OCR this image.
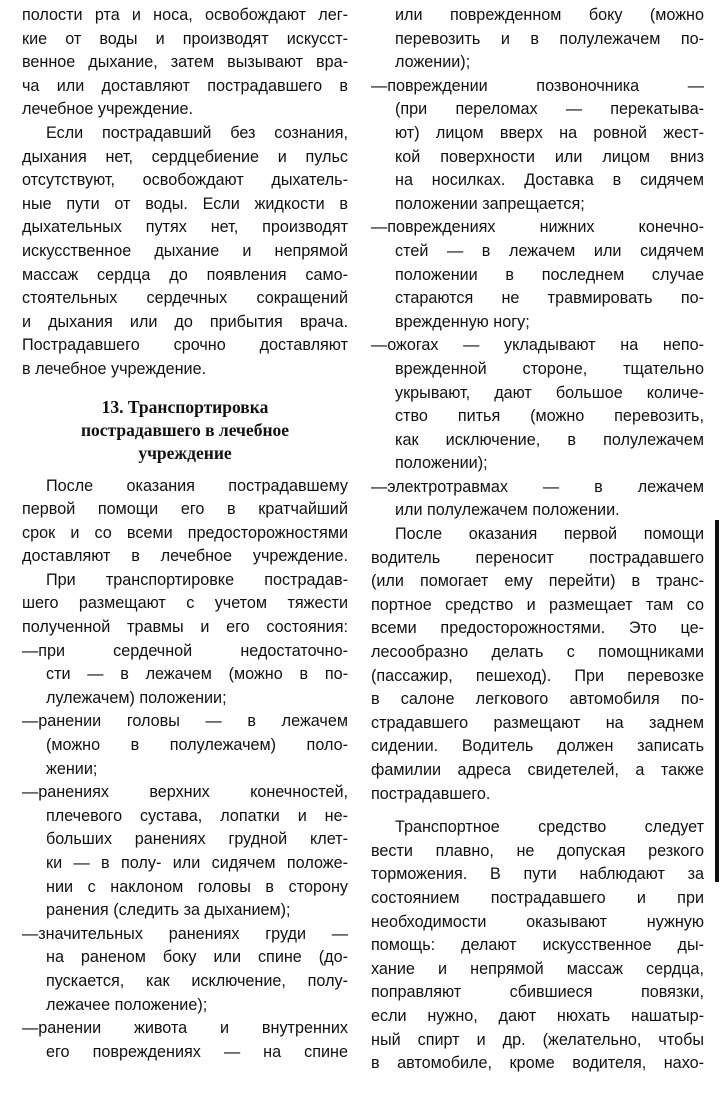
полости рта и носа, освобождают лег-
кие от воды и производят искусст-
венное дыхание, затем вызывают вра-
ча или доставляют пострадавшего в
лечебное учреждение.
Если пострадавший без сознания,
дыхания нет, сердцебиение и пульс
отсутствуют, освобождают дыхатель-
ные пути от воды. Если жидкости в
дыхательных путях нет, производят
искусственное дыхание и непрямой
массаж сердца до появления само-
стоятельных сердечных сокращений
и дыхания или до прибытия врача.
Пострадавшего срочно доставляют
в лечебное учреждение.
13. Транспортировка
пострадавшего в лечебное
учреждение
После оказания пострадавшему
первой помощи его в кратчайший
срок и со всеми предосторожностями
доставляют в лечебное учреждение.
При транспортировке пострадав-
шего размещают с учетом тяжести
полученной травмы и его состояния:
—при сердечной недостаточно-
сти — в лежачем (можно в по-
лулежачем) положении;
—ранении головы — в лежачем
(можно в полулежачем) поло-
жении;
—ранениях верхних конечностей,
плечевого сустава, лопатки и не-
больших ранениях грудной клет-
ки — в полу- или сидячем положе-
нии с наклоном головы в сторону
ранения (следить за дыханием);
—значительных ранениях груди —
на раненом боку или спине (до-
пускается, как исключение, полу-
лежачее положение);
—ранении живота и внутренних
его повреждениях — на спине
или поврежденном боку (можно
перевозить и в полулежачем по-
ложении);
—повреждении позвоночника —
(при переломах — перекатыва-
ют) лицом вверх на ровной жест-
кой поверхности или лицом вниз
на носилках. Доставка в сидячем
положении запрещается;
—повреждениях нижних конечно-
стей — в лежачем или сидячем
положении в последнем случае
стараются не травмировать по-
врежденную ногу;
—ожогах — укладывают на непо-
врежденной стороне, тщательно
укрывают, дают большое количе-
ство питья (можно перевозить,
как исключение, в полулежачем
положении);
—электротравмах — в лежачем
или полулежачем положении.
После оказания первой помощи
водитель переносит пострадавшего
(или помогает ему перейти) в транс-
портное средство и размещает там со
всеми предосторожностями. Это це-
лесообразно делать с помощниками
(пассажир, пешеход). При перевозке
в салоне легкового автомобиля по-
страдавшего размещают на заднем
сидении. Водитель должен записать
фамилии адреса свидетелей, а также
пострадавшего.
Транспортное средство следует
вести плавно, не допуская резкого
торможения. В пути наблюдают за
состоянием пострадавшего и при
необходимости оказывают нужную
помощь: делают искусственное ды-
хание и непрямой массаж сердца,
поправляют сбившиеся повязки,
если нужно, дают нюхать нашатыр-
ный спирт и др. (желательно, чтобы
в автомобиле, кроме водителя, нахо-
